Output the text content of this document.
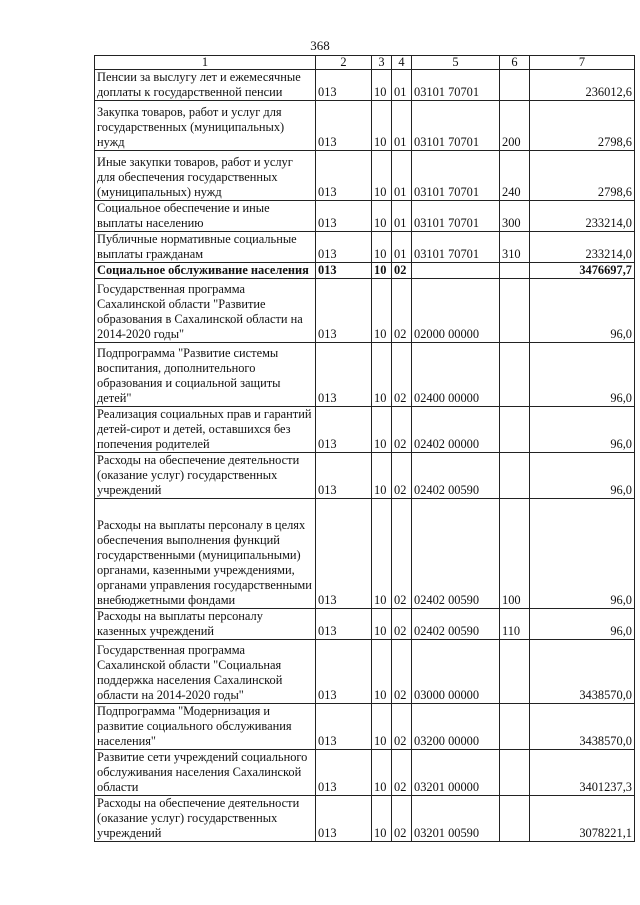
368
1	2	3	4	5	6	7
Пенсии за выслугу лет и ежемесячные доплаты к государственной пенсии	013	10	01	03101 70701		236012,6
Закупка товаров, работ и услуг для государственных (муниципальных) нужд	013	10	01	03101 70701	200	2798,6
Иные закупки товаров, работ и услуг для обеспечения государственных (муниципальных) нужд	013	10	01	03101 70701	240	2798,6
Социальное обеспечение и иные выплаты населению	013	10	01	03101 70701	300	233214,0
Публичные нормативные социальные выплаты гражданам	013	10	01	03101 70701	310	233214,0
Социальное обслуживание населения	013	10	02			3476697,7
Государственная программа Сахалинской области "Развитие образования в Сахалинской области на 2014-2020 годы"	013	10	02	02000 00000		96,0
Подпрограмма "Развитие системы воспитания, дополнительного образования и социальной защиты детей"	013	10	02	02400 00000		96,0
Реализация социальных прав и гарантий детей-сирот и детей, оставшихся без попечения родителей	013	10	02	02402 00000		96,0
Расходы на обеспечение деятельности (оказание услуг) государственных учреждений	013	10	02	02402 00590		96,0
Расходы на выплаты персоналу в целях обеспечения выполнения функций государственными (муниципальными) органами, казенными учреждениями, органами управления государственными внебюджетными фондами	013	10	02	02402 00590	100	96,0
Расходы на выплаты персоналу казенных учреждений	013	10	02	02402 00590	110	96,0
Государственная программа Сахалинской области "Социальная поддержка населения Сахалинской области на 2014-2020 годы"	013	10	02	03000 00000		3438570,0
Подпрограмма "Модернизация и развитие социального обслуживания населения"	013	10	02	03200 00000		3438570,0
Развитие сети учреждений социального обслуживания населения Сахалинской области	013	10	02	03201 00000		3401237,3
Расходы на обеспечение деятельности (оказание услуг) государственных учреждений	013	10	02	03201 00590		3078221,1
